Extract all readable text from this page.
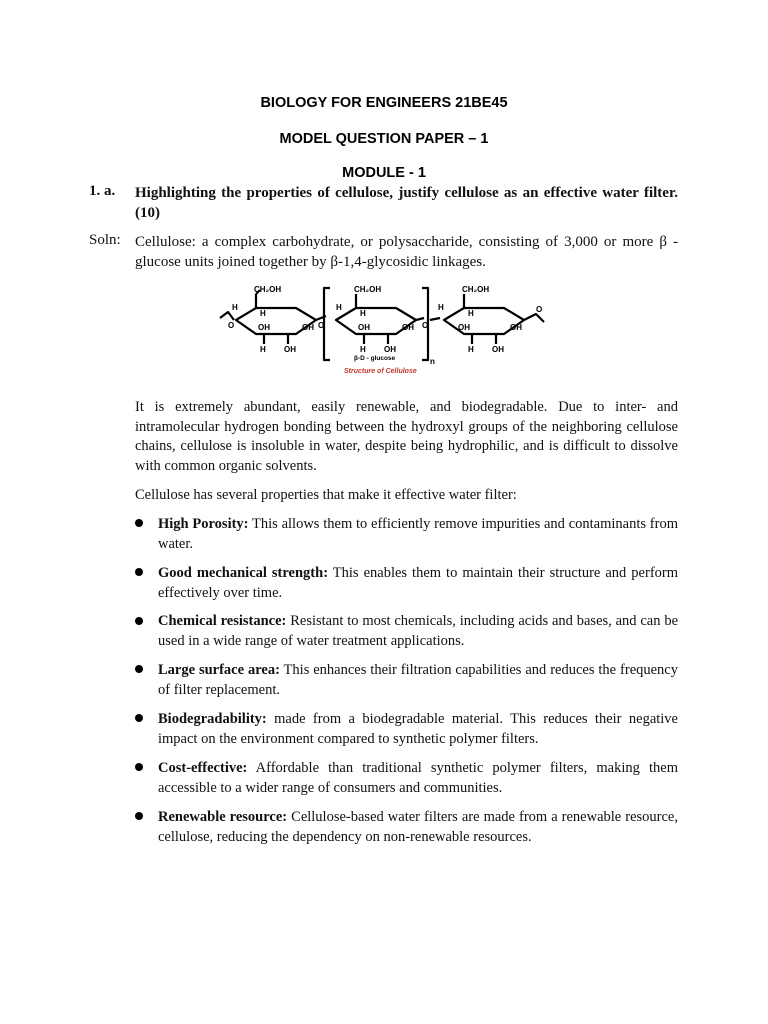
BIOLOGY FOR ENGINEERS 21BE45
MODEL QUESTION PAPER – 1
MODULE - 1
1. a. Highlighting the properties of cellulose, justify cellulose as an effective water filter. (10)
Soln: Cellulose: a complex carbohydrate, or polysaccharide, consisting of 3,000 or more β - glucose units joined together by β-1,4-glycosidic linkages.
CH₂OH	CH₂OH	CH₂OH
OH	OH	OH
OH	OH	OH
OH	OH	OH
H
H
H
H
H
H
H	H	H
O	O	O
O
n
β-D - glucose
Structure of Cellulose
It is extremely abundant, easily renewable, and biodegradable. Due to inter- and intramolecular hydrogen bonding between the hydroxyl groups of the neighboring cellulose chains, cellulose is insoluble in water, despite being hydrophilic, and is difficult to dissolve with common organic solvents.
Cellulose has several properties that make it effective water filter:
High Porosity: This allows them to efficiently remove impurities and contaminants from water.
Good mechanical strength: This enables them to maintain their structure and perform effectively over time.
Chemical resistance: Resistant to most chemicals, including acids and bases, and can be used in a wide range of water treatment applications.
Large surface area: This enhances their filtration capabilities and reduces the frequency of filter replacement.
Biodegradability: made from a biodegradable material. This reduces their negative impact on the environment compared to synthetic polymer filters.
Cost-effective: Affordable than traditional synthetic polymer filters, making them accessible to a wider range of consumers and communities.
Renewable resource: Cellulose-based water filters are made from a renewable resource, cellulose, reducing the dependency on non-renewable resources.
